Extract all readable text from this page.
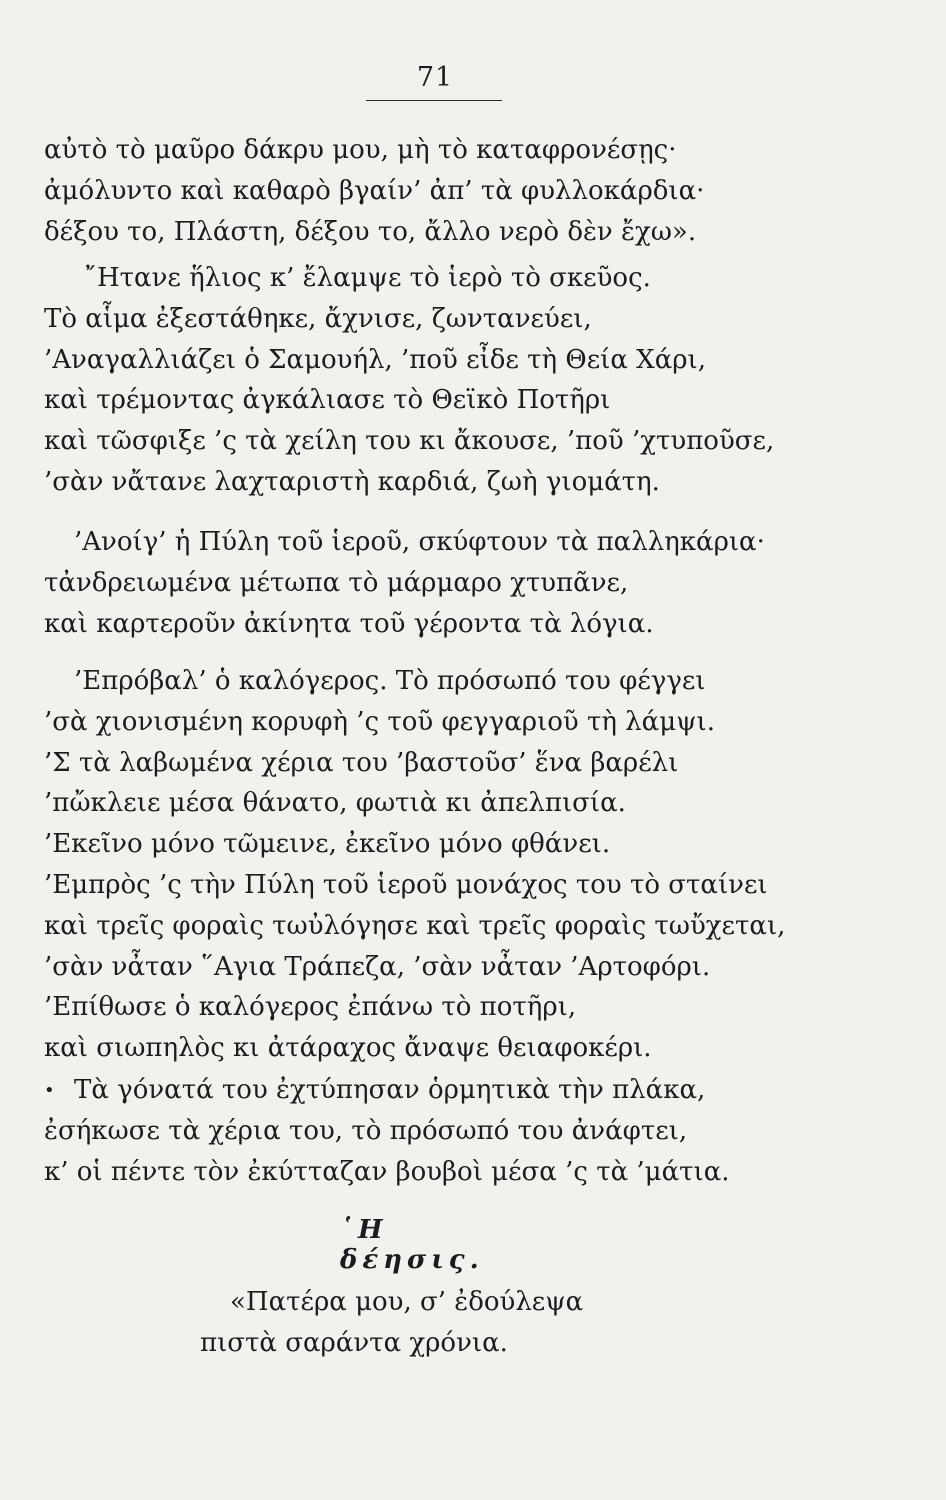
71
αὐτὸ τὸ μαῦρο δάκρυ μου, μὴ τὸ καταφρονέσῃς·
ἀμόλυντο καὶ καθαρὸ βγαίν’ ἀπ’ τὰ φυλλοκάρδια·
δέξου το, Πλάστη, δέξου το, ἄλλο νερὸ δὲν ἔχω».
῎Ητανε ἥλιος κ’ ἔλαμψε τὸ ἱερὸ τὸ σκεῦος.
Τὸ αἷμα ἐξεστάθηκε, ἄχνισε, ζωντανεύει,
’Αναγαλλιάζει ὁ Σαμουήλ, ’ποῦ εἶδε τὴ Θεία Χάρι,
καὶ τρέμοντας ἀγκάλιασε τὸ Θεϊκὸ Ποτῆρι
καὶ τῶσφιξε ’ς τὰ χείλη του κι ἄκουσε, ’ποῦ ’χτυποῦσε,
’σὰν νἄτανε λαχταριστὴ καρδιά, ζωὴ γιομάτη.
’Ανοίγ’ ἡ Πύλη τοῦ ἱεροῦ, σκύφτουν τὰ παλληκάρια·
τἀνδρειωμένα μέτωπα τὸ μάρμαρο χτυπᾶνε,
καὶ καρτεροῦν ἀκίνητα τοῦ γέροντα τὰ λόγια.
’Επρόβαλ’ ὁ καλόγερος. Τὸ πρόσωπό του φέγγει
’σὰ χιονισμένη κορυφὴ ’ς τοῦ φεγγαριοῦ τὴ λάμψι.
’Σ τὰ λαβωμένα χέρια του ’βαστοῦσ’ ἕνα βαρέλι
’πὤκλειε μέσα θάνατο, φωτιὰ κι ἀπελπισία.
’Εκεῖνο μόνο τῶμεινε, ἐκεῖνο μόνο φθάνει.
’Εμπρὸς ’ς τὴν Πύλη τοῦ ἱεροῦ μονάχος του τὸ σταίνει
καὶ τρεῖς φοραὶς τωὐλόγησε καὶ τρεῖς φοραὶς τωὔχεται,
’σὰν νἆταν ῞Αγια Τράπεζα, ’σὰν νἆταν ’Αρτοφόρι.
’Επίθωσε ὁ καλόγερος ἐπάνω τὸ ποτῆρι,
καὶ σιωπηλὸς κι ἀτάραχος ἄναψε θειαφοκέρι.
• Τὰ γόνατά του ἐχτύπησαν ὁρμητικὰ τὴν πλάκα,
ἐσήκωσε τὰ χέρια του, τὸ πρόσωπό του ἀνάφτει,
κ’ οἱ πέντε τὸν ἐκύτταζαν βουβοὶ μέσα ’ς τὰ ’μάτια.
῾Η δέησις.
«Πατέρα μου, σ’ ἐδούλεψα
πιστὰ σαράντα χρόνια.
